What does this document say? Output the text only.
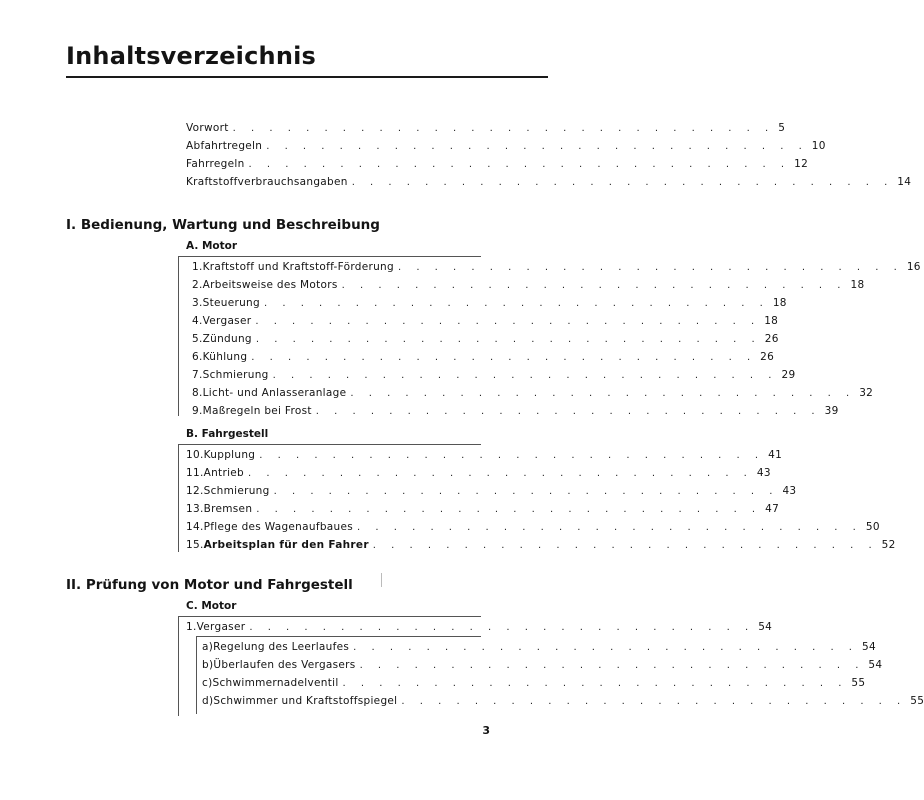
Inhaltsverzeichnis
Vorwort . . . . . . . . . . . . . . . . . . . . . . . . . . . . . . 5
Abfahrtregeln . . . . . . . . . . . . . . . . . . . . . . . . . . . . . . 10
Fahrregeln . . . . . . . . . . . . . . . . . . . . . . . . . . . . . . 12
Kraftstoffverbrauchsangaben . . . . . . . . . . . . . . . . . . . . . . . . . . . . . . 14
I. Bedienung, Wartung und Beschreibung
A. Motor
1. Kraftstoff und Kraftstoff-Förderung . . . . . . . . . . . . . . . . . . . . . . . . . . . . 16
2. Arbeitsweise des Motors . . . . . . . . . . . . . . . . . . . . . . . . . . . . 18
3. Steuerung . . . . . . . . . . . . . . . . . . . . . . . . . . . . 18
4. Vergaser . . . . . . . . . . . . . . . . . . . . . . . . . . . . 18
5. Zündung . . . . . . . . . . . . . . . . . . . . . . . . . . . . 26
6. Kühlung . . . . . . . . . . . . . . . . . . . . . . . . . . . . 26
7. Schmierung . . . . . . . . . . . . . . . . . . . . . . . . . . . . 29
8. Licht- und Anlasseranlage . . . . . . . . . . . . . . . . . . . . . . . . . . . . 32
9. Maßregeln bei Frost . . . . . . . . . . . . . . . . . . . . . . . . . . . . 39
B. Fahrgestell
10. Kupplung . . . . . . . . . . . . . . . . . . . . . . . . . . . . 41
11. Antrieb . . . . . . . . . . . . . . . . . . . . . . . . . . . . 43
12. Schmierung . . . . . . . . . . . . . . . . . . . . . . . . . . . . 43
13. Bremsen . . . . . . . . . . . . . . . . . . . . . . . . . . . . 47
14. Pflege des Wagenaufbaues . . . . . . . . . . . . . . . . . . . . . . . . . . . . 50
15. Arbeitsplan für den Fahrer . . . . . . . . . . . . . . . . . . . . . . . . . . . . 52
II. Prüfung von Motor und Fahrgestell
C. Motor
1. Vergaser . . . . . . . . . . . . . . . . . . . . . . . . . . . . 54
a) Regelung des Leerlaufes . . . . . . . . . . . . . . . . . . . . . . . . . . . . 54
b) Überlaufen des Vergasers . . . . . . . . . . . . . . . . . . . . . . . . . . . . 54
c) Schwimmernadelventil . . . . . . . . . . . . . . . . . . . . . . . . . . . . 55
d) Schwimmer und Kraftstoffspiegel . . . . . . . . . . . . . . . . . . . . . . . . . . . . 55
3
